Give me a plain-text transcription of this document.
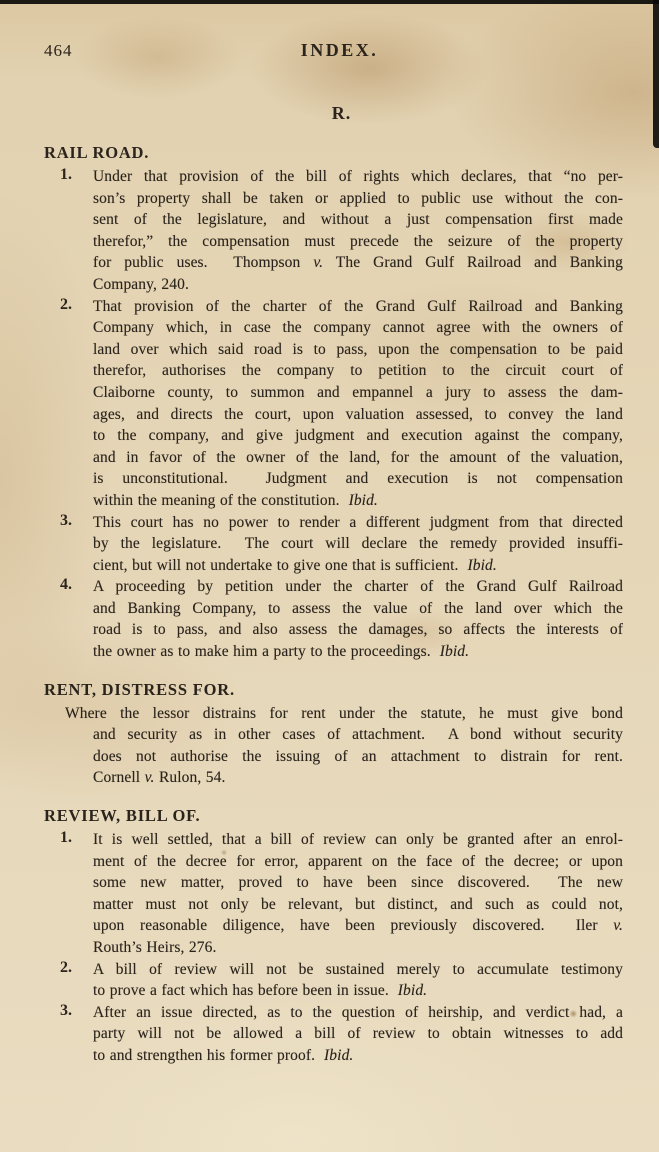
464	INDEX.
R.
RAIL ROAD.
1. Under that provision of the bill of rights which declares, that “no per-
son’s property shall be taken or applied to public use without the con-
sent of the legislature, and without a just compensation first made
therefor,” the compensation must precede the seizure of the property
for public uses.  Thompson v. The Grand Gulf Railroad and Banking
Company, 240.
2. That provision of the charter of the Grand Gulf Railroad and Banking
Company which, in case the company cannot agree with the owners of
land over which said road is to pass, upon the compensation to be paid
therefor, authorises the company to petition to the circuit court of
Claiborne county, to summon and empannel a jury to assess the dam-
ages, and directs the court, upon valuation assessed, to convey the land
to the company, and give judgment and execution against the company,
and in favor of the owner of the land, for the amount of the valuation,
is unconstitutional.  Judgment and execution is not compensation
within the meaning of the constitution.  Ibid.
3. This court has no power to render a different judgment from that directed
by the legislature.  The court will declare the remedy provided insuffi-
cient, but will not undertake to give one that is sufficient.  Ibid.
4. A proceeding by petition under the charter of the Grand Gulf Railroad
and Banking Company, to assess the value of the land over which the
road is to pass, and also assess the damages, so affects the interests of
the owner as to make him a party to the proceedings.  Ibid.
RENT, DISTRESS FOR.
Where the lessor distrains for rent under the statute, he must give bond
and security as in other cases of attachment.  A bond without security
does not authorise the issuing of an attachment to distrain for rent.
Cornell v. Rulon, 54.
REVIEW, BILL OF.
1. It is well settled, that a bill of review can only be granted after an enrol-
ment of the decree for error, apparent on the face of the decree; or upon
some new matter, proved to have been since discovered.  The new
matter must not only be relevant, but distinct, and such as could not,
upon reasonable diligence, have been previously discovered.  Iler v.
Routh’s Heirs, 276.
2. A bill of review will not be sustained merely to accumulate testimony
to prove a fact which has before been in issue.  Ibid.
3. After an issue directed, as to the question of heirship, and verdict had, a
party will not be allowed a bill of review to obtain witnesses to add
to and strengthen his former proof.  Ibid.
